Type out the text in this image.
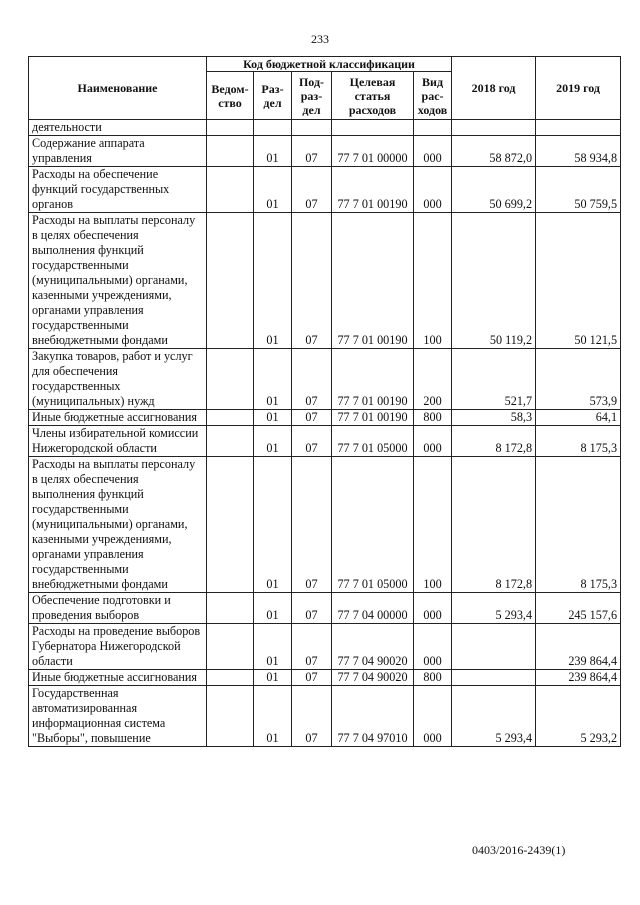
233
Наименование	Код бюджетной классификации					2018 год	2019 год
	Ведом-ство	Раз-дел	Под-раз-дел	Целевая статья расходов	Вид рас-ходов		
деятельности							
Содержание аппарата управления		01	07	77 7 01 00000	000	58 872,0	58 934,8
Расходы на обеспечение функций государственных органов		01	07	77 7 01 00190	000	50 699,2	50 759,5
Расходы на выплаты персоналу в целях обеспечения выполнения функций государственными (муниципальными) органами, казенными учреждениями, органами управления государственными внебюджетными фондами		01	07	77 7 01 00190	100	50 119,2	50 121,5
Закупка товаров, работ и услуг для обеспечения государственных (муниципальных) нужд		01	07	77 7 01 00190	200	521,7	573,9
Иные бюджетные ассигнования		01	07	77 7 01 00190	800	58,3	64,1
Члены избирательной комиссии Нижегородской области		01	07	77 7 01 05000	000	8 172,8	8 175,3
Расходы на выплаты персоналу в целях обеспечения выполнения функций государственными (муниципальными) органами, казенными учреждениями, органами управления государственными внебюджетными фондами		01	07	77 7 01 05000	100	8 172,8	8 175,3
Обеспечение подготовки и проведения выборов		01	07	77 7 04 00000	000	5 293,4	245 157,6
Расходы на проведение выборов Губернатора Нижегородской области		01	07	77 7 04 90020	000		239 864,4
Иные бюджетные ассигнования		01	07	77 7 04 90020	800		239 864,4
Государственная автоматизированная информационная система "Выборы", повышение		01	07	77 7 04 97010	000	5 293,4	5 293,2
0403/2016-2439(1)
